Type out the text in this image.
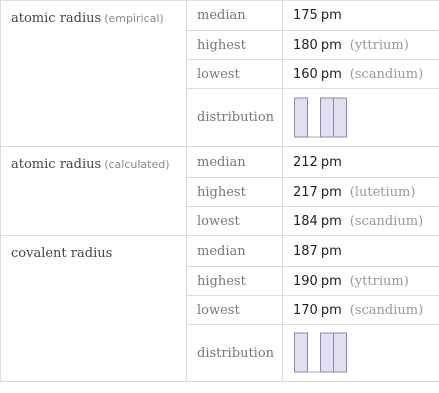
atomic radius (empirical)	median	175 pm
	highest	180 pm (yttrium)
	lowest	160 pm (scandium)
	distribution	

atomic radius (calculated)	median	212 pm
	highest	217 pm (lutetium)
	lowest	184 pm (scandium)
covalent radius	median	187 pm
	highest	190 pm (yttrium)
	lowest	170 pm (scandium)
	distribution	
